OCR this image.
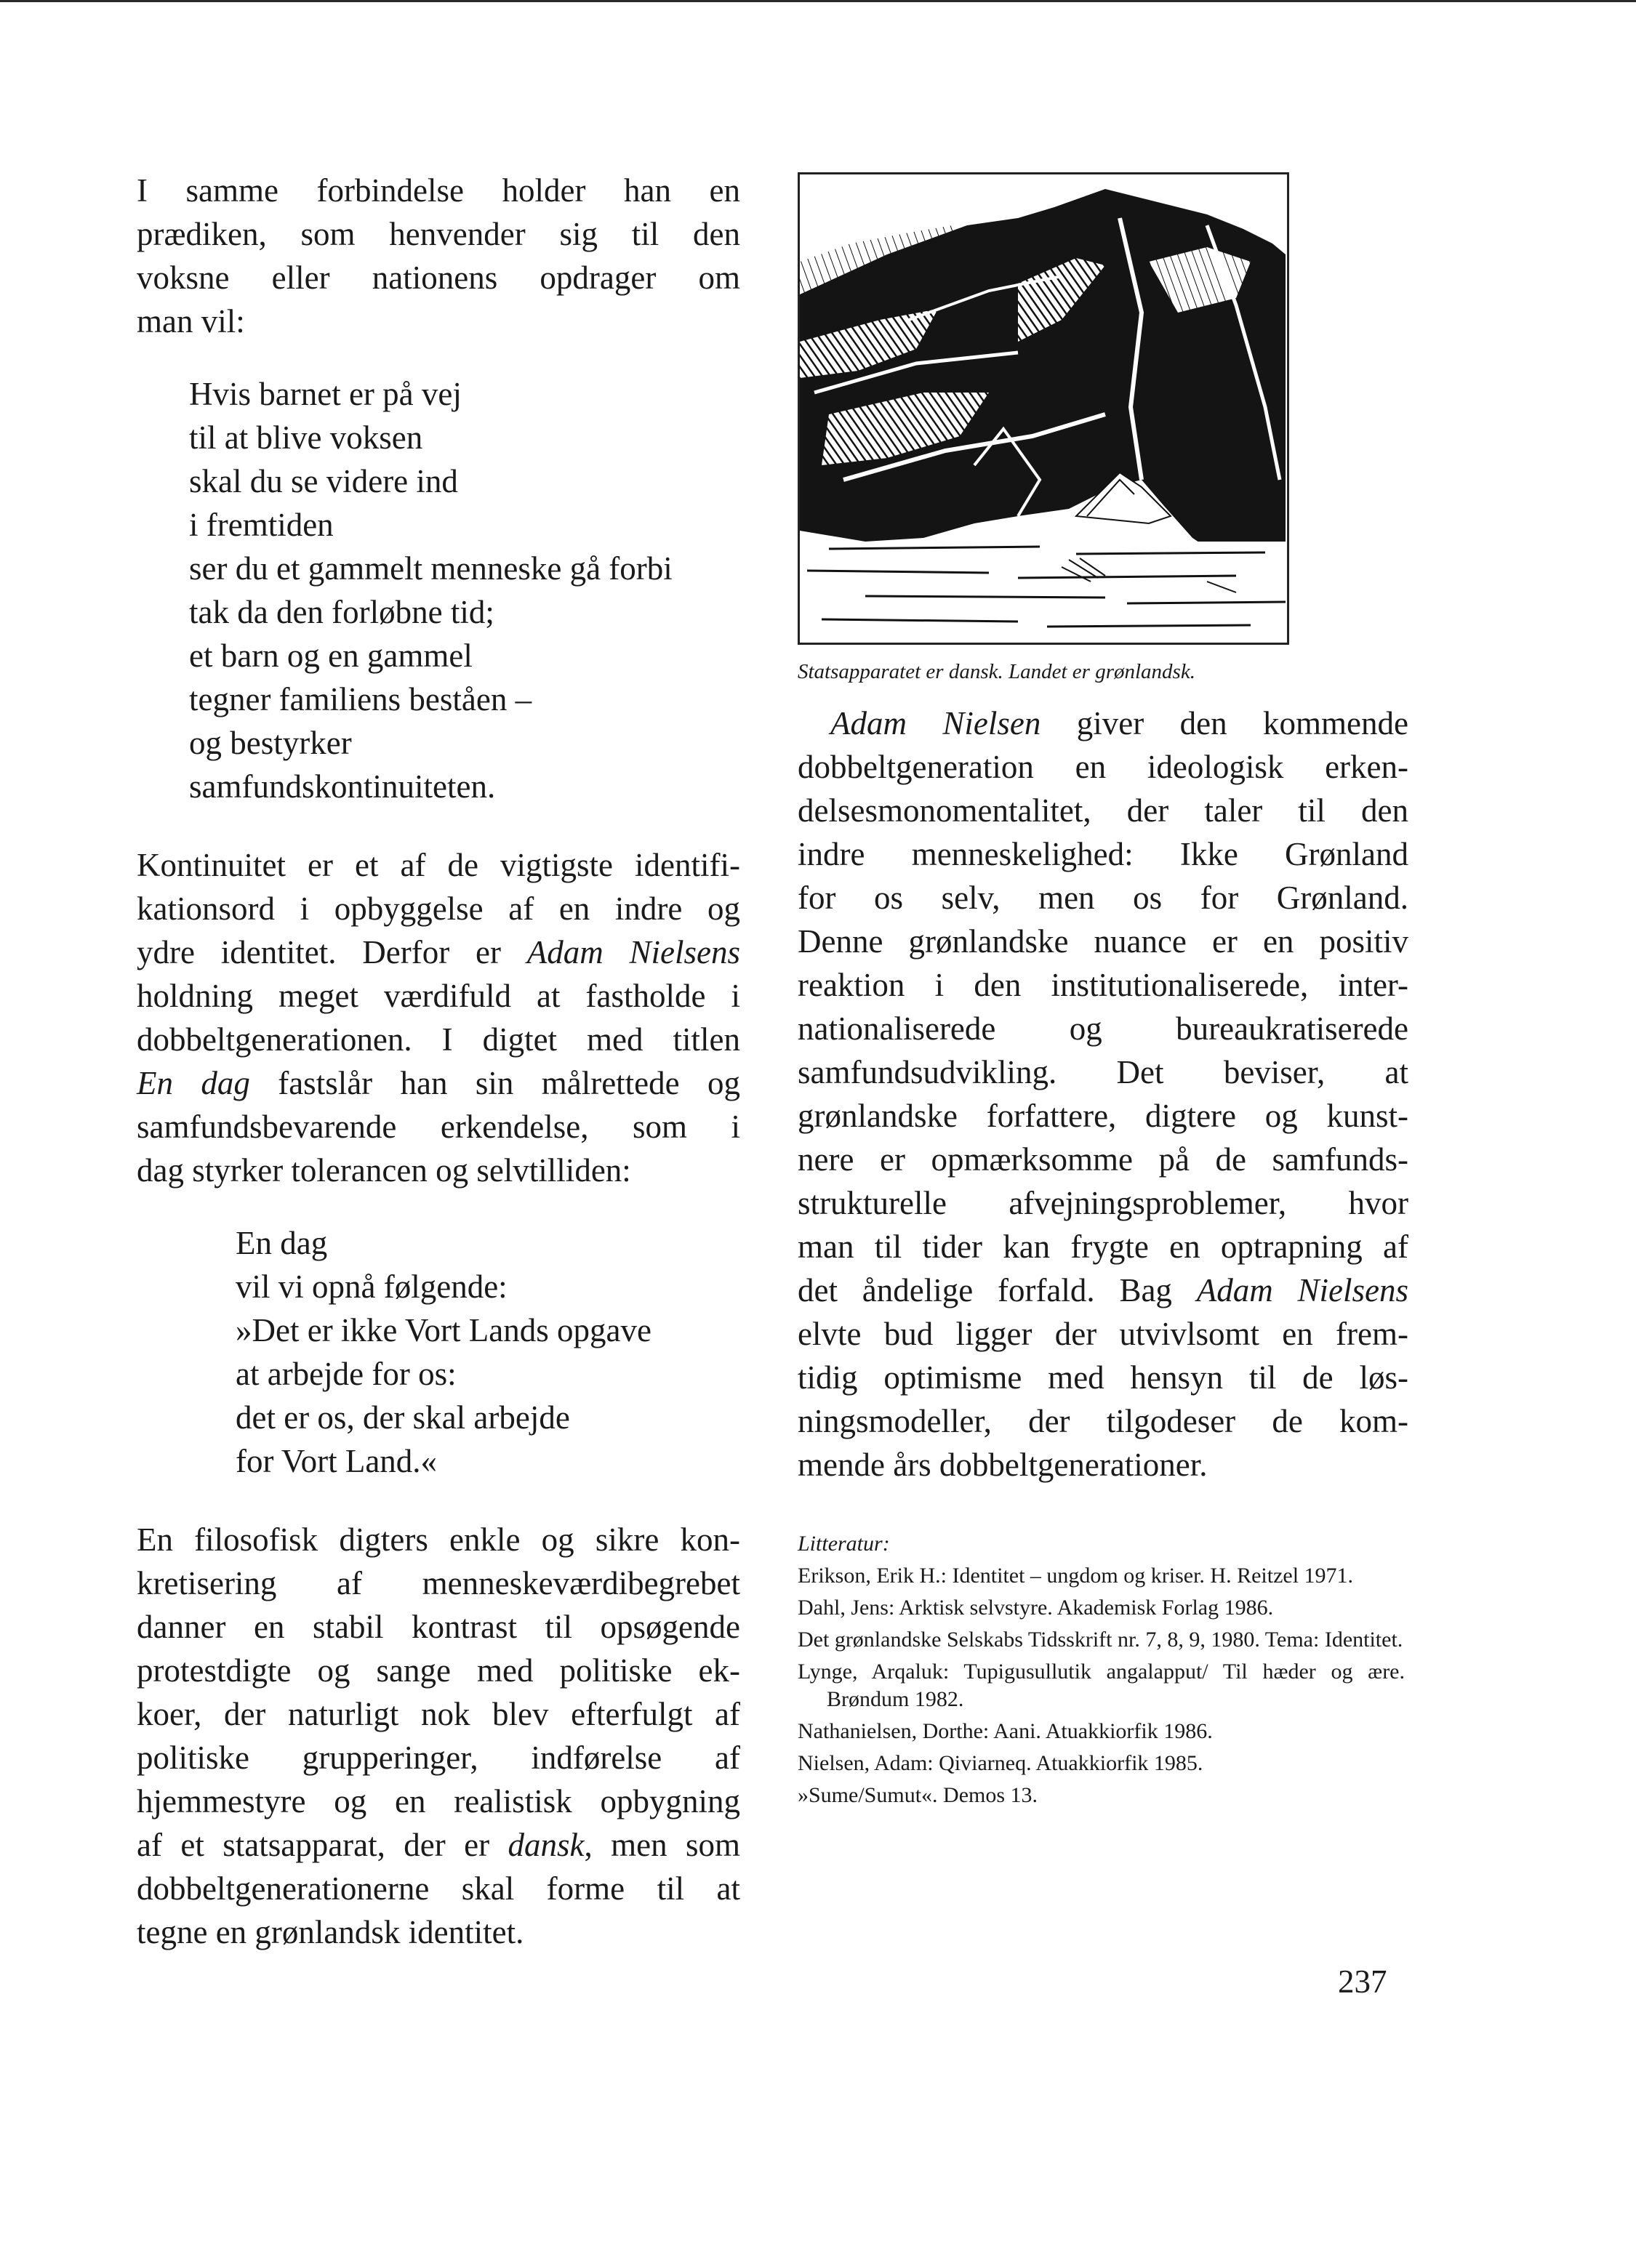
I samme forbindelse holder han en
prædiken, som henvender sig til den
voksne eller nationens opdrager om
man vil:

Hvis barnet er på vej
til at blive voksen
skal du se videre ind
i fremtiden
ser du et gammelt menneske gå forbi
tak da den forløbne tid;
et barn og en gammel
tegner familiens beståen –
og bestyrker
samfundskontinuiteten.

Kontinuitet er et af de vigtigste identifi-
kationsord i opbyggelse af en indre og
ydre identitet. Derfor er Adam Nielsens
holdning meget værdifuld at fastholde i
dobbeltgenerationen. I digtet med titlen
En dag fastslår han sin målrettede og
samfundsbevarende erkendelse, som i
dag styrker tolerancen og selvtilliden:

En dag
vil vi opnå følgende:
»Det er ikke Vort Lands opgave
at arbejde for os:
det er os, der skal arbejde
for Vort Land.«

En filosofisk digters enkle og sikre kon-
kretisering af menneskeværdibegrebet
danner en stabil kontrast til opsøgende
protestdigte og sange med politiske ek-
koer, der naturligt nok blev efterfulgt af
politiske grupperinger, indførelse af
hjemmestyre og en realistisk opbygning
af et statsapparat, der er dansk, men som
dobbeltgenerationerne skal forme til at
tegne en grønlandsk identitet.

Statsapparatet er dansk. Landet er grønlandsk.

Adam Nielsen giver den kommende
dobbeltgeneration en ideologisk erken-
delsesmonomentalitet, der taler til den
indre menneskelighed: Ikke Grønland
for os selv, men os for Grønland.
Denne grønlandske nuance er en positiv
reaktion i den institutionaliserede, inter-
nationaliserede og bureaukratiserede
samfundsudvikling. Det beviser, at
grønlandske forfattere, digtere og kunst-
nere er opmærksomme på de samfunds-
strukturelle afvejningsproblemer, hvor
man til tider kan frygte en optrapning af
det åndelige forfald. Bag Adam Nielsens
elvte bud ligger der utvivlsomt en frem-
tidig optimisme med hensyn til de løs-
ningsmodeller, der tilgodeser de kom-
mende års dobbeltgenerationer.

Litteratur:

Erikson, Erik H.: Identitet – ungdom og kriser. H. Reitzel 1971.
Dahl, Jens: Arktisk selvstyre. Akademisk Forlag 1986.
Det grønlandske Selskabs Tidsskrift nr. 7, 8, 9, 1980. Tema: Identitet.
Lynge, Arqaluk: Tupigusullutik angalapput/ Til hæder og ære. Brøndum 1982.
Nathanielsen, Dorthe: Aani. Atuakkiorfik 1986.
Nielsen, Adam: Qiviarneq. Atuakkiorfik 1985.
»Sume/Sumut«. Demos 13.
237
